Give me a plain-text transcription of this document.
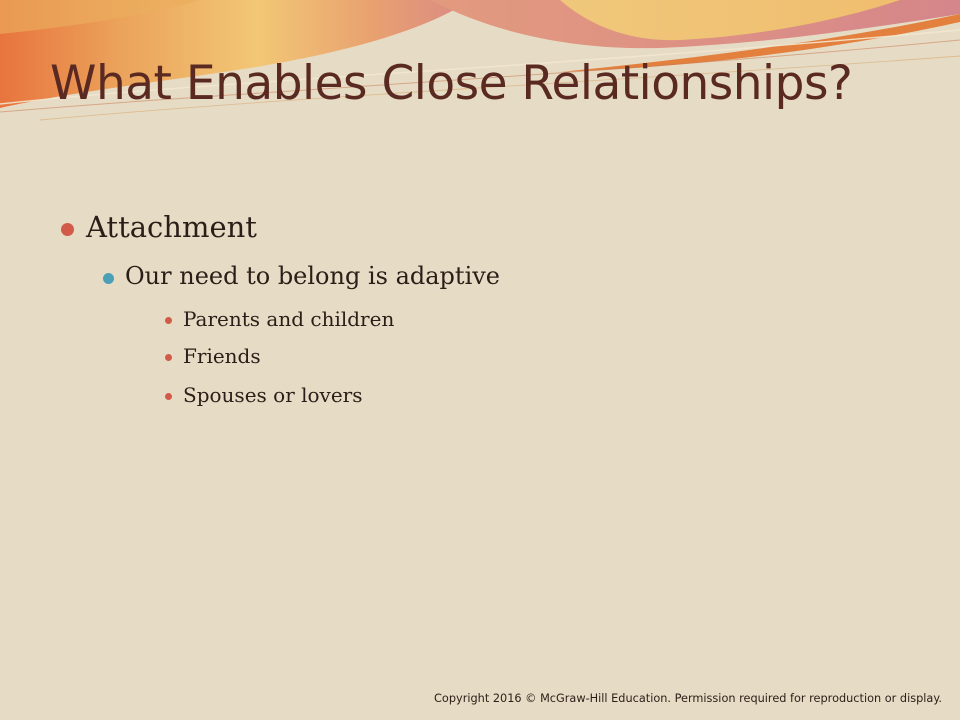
What Enables Close Relationships?
Attachment
Our need to belong is adaptive
Parents and children
Friends
Spouses or lovers

Copyright 2016 © McGraw-Hill Education. Permission required for reproduction or display.
